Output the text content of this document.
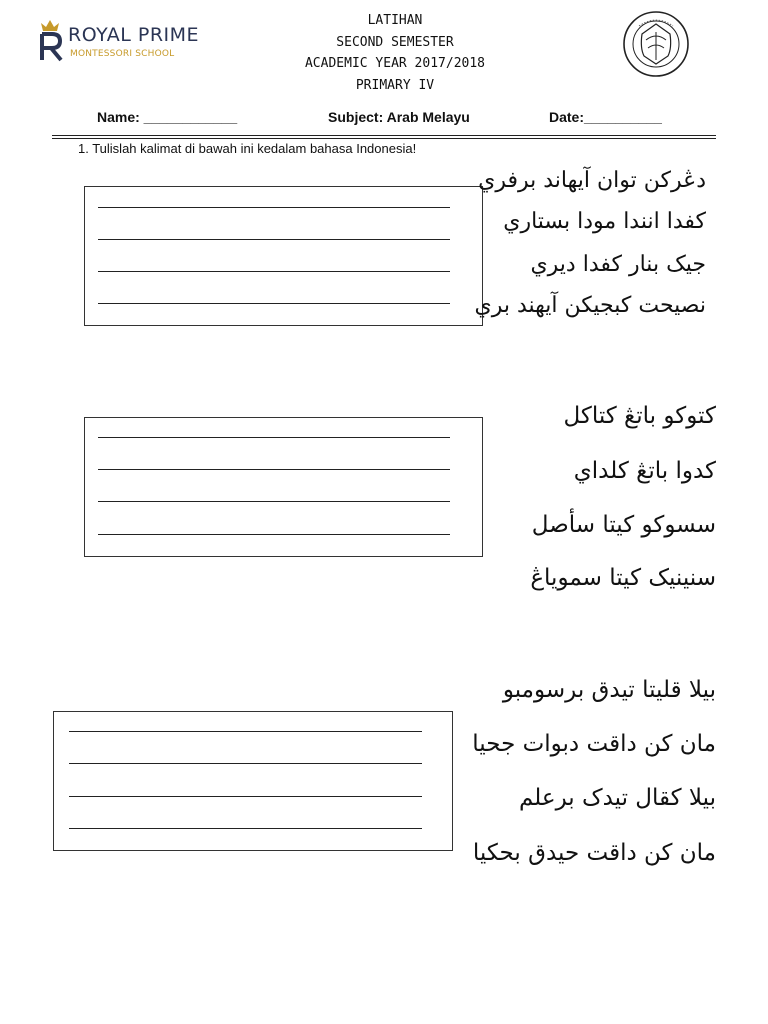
ROYAL PRIME
MONTESSORI SCHOOL
LATIHAN
SECOND SEMESTER
ACADEMIC YEAR 2017/2018
PRIMARY IV
Name: ____________	Subject: Arab Melayu	Date:__________
1. Tulislah kalimat di bawah ini kedalam bahasa Indonesia!
دڠرکن توان آيهاند برفري
کفدا انندا مودا بستاري
جيک بنار کفدا ديري
نصيحت کبجيکن آيهند بري
کتوکو باتڠ کتاکل
کدوا باتڠ کلداي
سسوکو کيتا سأصل
سنينيک کيتا سموياڠ
بيلا قليتا تيدق برسومبو
مان کن داقت دبوات جحيا
بيلا کقال تيدک برعلم
مان کن داقت حيدق بحکيا
